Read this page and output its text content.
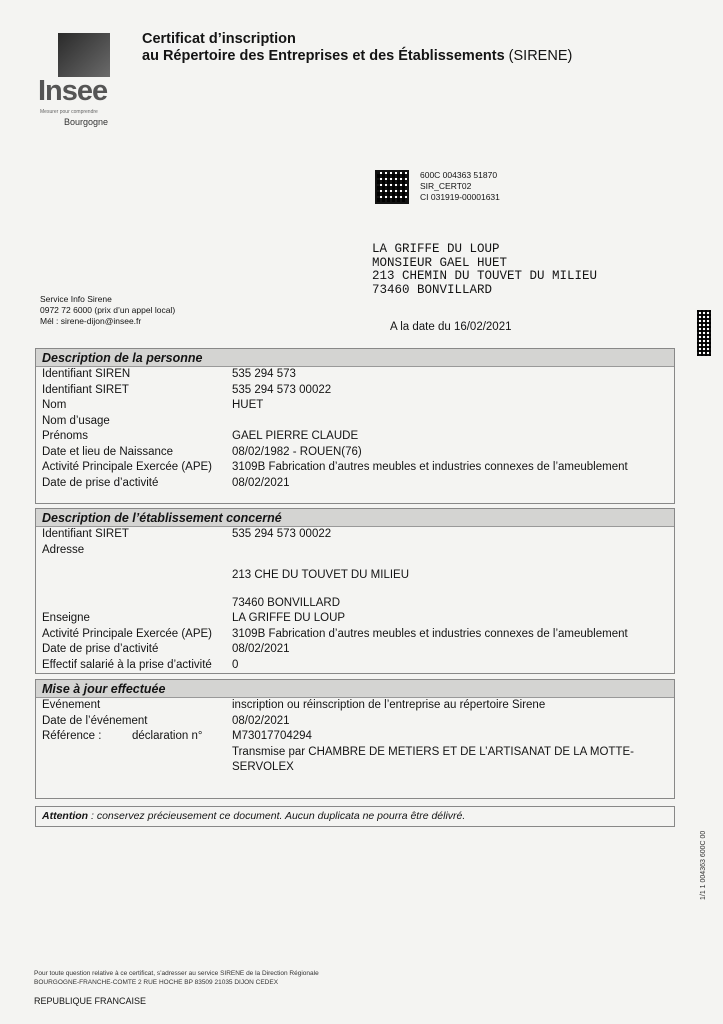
Insee
Mesurer pour comprendre
Bourgogne
Certificat d’inscription
au Répertoire des Entreprises et des Établissements (SIRENE)
600C 004363 51870
SIR_CERT02
CI 031919-00001631
LA GRIFFE DU LOUP
MONSIEUR GAEL HUET
213 CHEMIN DU TOUVET DU MILIEU
73460 BONVILLARD
Service Info Sirene
0972 72 6000 (prix d’un appel local)
Mél : sirene-dijon@insee.fr	A la date du 16/02/2021
Description de la personne
Identifiant SIREN	535 294 573
Identifiant SIRET	535 294 573 00022
Nom	HUET
Nom d’usage
Prénoms	GAEL PIERRE CLAUDE
Date et lieu de Naissance	08/02/1982 - ROUEN(76)
Activité Principale Exercée (APE) 3109B Fabrication d’autres meubles et industries connexes de l’ameublement
Date de prise d’activité	08/02/2021
Description de l’établissement concerné
Identifiant SIRET	535 294 573 00022
Adresse
213 CHE DU TOUVET DU MILIEU
73460 BONVILLARD
Enseigne	LA GRIFFE DU LOUP
Activité Principale Exercée (APE) 3109B Fabrication d’autres meubles et industries connexes de l’ameublement
Date de prise d’activité	08/02/2021
Effectif salarié à la prise d’activité 0
Mise à jour effectuée
Evénement	inscription ou réinscription de l’entreprise au répertoire Sirene
Date de l’événement	08/02/2021
Référence :	déclaration n°	M73017704294
Transmise par CHAMBRE DE METIERS ET DE L’ARTISANAT DE LA MOTTE-
SERVOLEX
Attention : conservez précieusement ce document. Aucun duplicata ne pourra être délivré.
Pour toute question relative à ce certificat, s’adresser au service SIRENE de la Direction Régionale
BOURGOGNE-FRANCHE-COMTE 2 RUE HOCHE BP 83509 21035 DIJON CEDEX
REPUBLIQUE FRANCAISE
1/1 1 004363 600C 00
